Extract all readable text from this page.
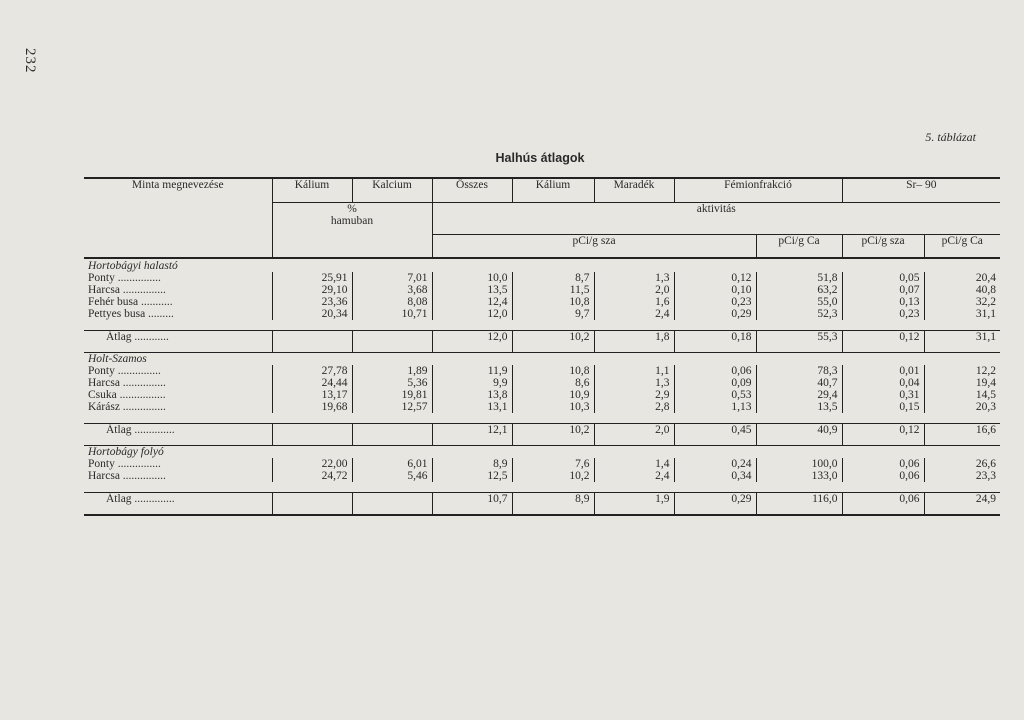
232
5. táblázat
Halhús átlagok
Minta megnevezése	Kálium	Kalcium	Összes	Kálium	Maradék	Fémionfrakció		Sr– 90	

	%
hamuban		aktivitás						
			pCi/g sza				pCi/g Ca	pCi/g sza	pCi/g Ca

Hortobágyi halastó									
Ponty ...............	25,91	7,01	10,0	8,7	1,3	0,12	51,8	0,05	20,4
Harcsa ...............	29,10	3,68	13,5	11,5	2,0	0,10	63,2	0,07	40,8
Fehér busa ...........	23,36	8,08	12,4	10,8	1,6	0,23	55,0	0,13	32,2
Pettyes busa .........	20,34	10,71	12,0	9,7	2,4	0,29	52,3	0,23	31,1

Átlag ............			12,0	10,2	1,8	0,18	55,3	0,12	31,1
Holt-Szamos									
Ponty ...............	27,78	1,89	11,9	10,8	1,1	0,06	78,3	0,01	12,2
Harcsa ...............	24,44	5,36	9,9	8,6	1,3	0,09	40,7	0,04	19,4
Csuka ................	13,17	19,81	13,8	10,9	2,9	0,53	29,4	0,31	14,5
Kárász ...............	19,68	12,57	13,1	10,3	2,8	1,13	13,5	0,15	20,3

Átlag ..............			12,1	10,2	2,0	0,45	40,9	0,12	16,6
Hortobágy folyó									
Ponty ...............	22,00	6,01	8,9	7,6	1,4	0,24	100,0	0,06	26,6
Harcsa ...............	24,72	5,46	12,5	10,2	2,4	0,34	133,0	0,06	23,3

Átlag ..............			10,7	8,9	1,9	0,29	116,0	0,06	24,9
